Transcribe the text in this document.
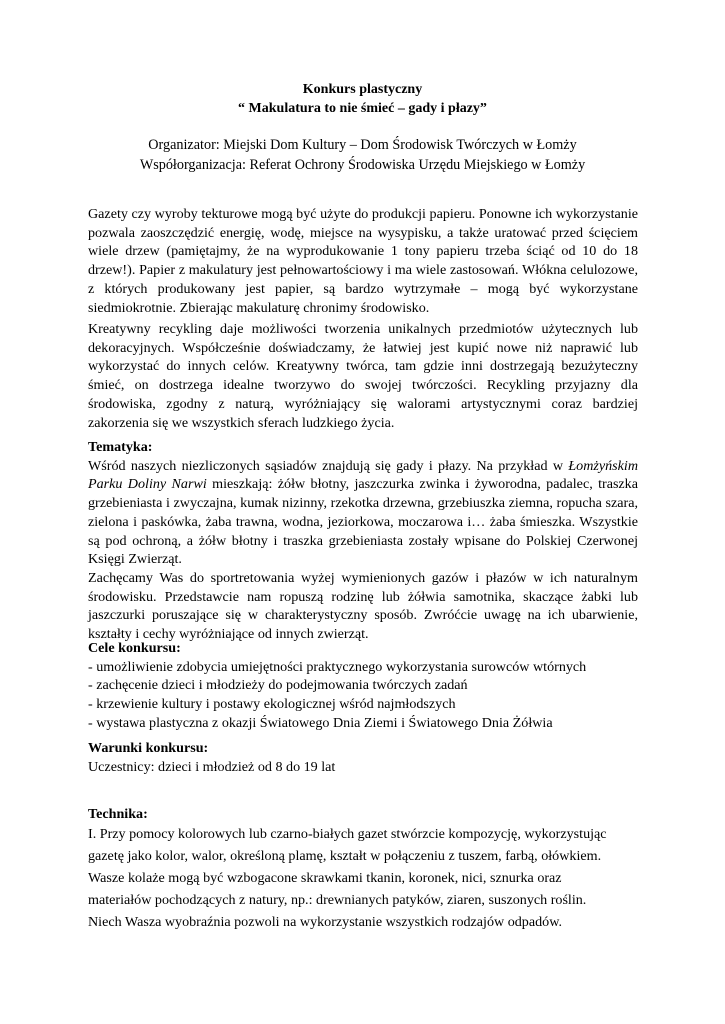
Konkurs plastyczny
“ Makulatura to nie śmieć – gady i płazy”
Organizator: Miejski Dom Kultury – Dom Środowisk Twórczych w Łomży
Współorganizacja: Referat Ochrony Środowiska Urzędu Miejskiego w Łomży

Gazety czy wyroby tekturowe mogą być użyte do produkcji papieru. Ponowne ich wykorzystanie pozwala zaoszczędzić energię, wodę, miejsce na wysypisku, a także uratować przed ścięciem wiele drzew (pamiętajmy, że na wyprodukowanie 1 tony papieru trzeba ściąć od 10 do 18 drzew!). Papier z makulatury jest pełnowartościowy i ma wiele zastosowań. Włókna celulozowe, z których produkowany jest papier, są bardzo wytrzymałe – mogą być wykorzystane siedmiokrotnie. Zbierając makulaturę chronimy środowisko.

Kreatywny recykling daje możliwości tworzenia unikalnych przedmiotów użytecznych lub dekoracyjnych. Współcześnie doświadczamy, że łatwiej jest kupić nowe niż naprawić lub wykorzystać do innych celów. Kreatywny twórca, tam gdzie inni dostrzegają bezużyteczny śmieć, on dostrzega idealne tworzywo do swojej twórczości. Recykling przyjazny dla środowiska, zgodny z naturą, wyróżniający się walorami artystycznymi coraz bardziej zakorzenia się we wszystkich sferach ludzkiego życia.

Tematyka:

Wśród naszych niezliczonych sąsiadów znajdują się gady i płazy. Na przykład w Łomżyńskim Parku Doliny Narwi mieszkają: żółw błotny, jaszczurka zwinka i żyworodna, padalec, traszka grzebieniasta i zwyczajna, kumak nizinny, rzekotka drzewna, grzebiuszka ziemna, ropucha szara, zielona i paskówka, żaba trawna, wodna, jeziorkowa, moczarowa i… żaba śmieszka. Wszystkie są pod ochroną, a żółw błotny i traszka grzebieniasta zostały wpisane do Polskiej Czerwonej Księgi Zwierząt.

Zachęcamy Was do sportretowania wyżej wymienionych gazów i płazów w ich naturalnym środowisku. Przedstawcie nam ropuszą rodzinę lub żółwia samotnika, skaczące żabki lub jaszczurki poruszające się w charakterystyczny sposób. Zwróćcie uwagę na ich ubarwienie, kształty i cechy wyróżniające od innych zwierząt.

Cele konkursu:
- umożliwienie zdobycia umiejętności praktycznego wykorzystania surowców wtórnych
- zachęcenie dzieci i młodzieży do podejmowania twórczych zadań
- krzewienie kultury i postawy ekologicznej wśród najmłodszych
- wystawa plastyczna z okazji Światowego Dnia Ziemi i Światowego Dnia Żółwia
Warunki konkursu:
Uczestnicy: dzieci i młodzież od 8 do 19 lat
Technika:
I. Przy pomocy kolorowych lub czarno-białych gazet stwórzcie kompozycję, wykorzystując
gazetę jako kolor, walor, określoną plamę, kształt w połączeniu z tuszem, farbą, ołówkiem.
Wasze kolaże mogą być wzbogacone skrawkami tkanin, koronek, nici, sznurka oraz
materiałów pochodzących z natury, np.: drewnianych patyków, ziaren, suszonych roślin.
Niech Wasza wyobraźnia pozwoli na wykorzystanie wszystkich rodzajów odpadów.
